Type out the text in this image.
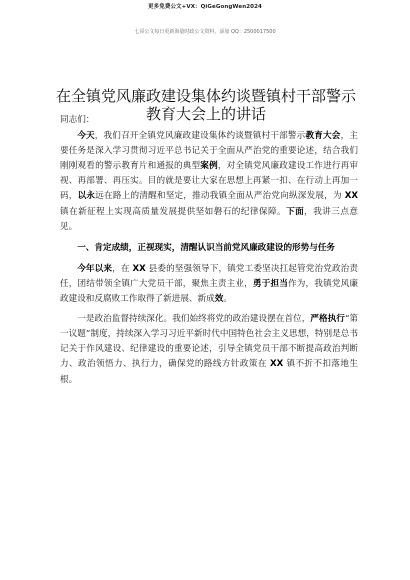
更多免费公文+VX：QiGeGongWen2024
七哥公文每日更新海量时政公文资料，添加 QQ：2500017500
在全镇党风廉政建设集体约谈暨镇村干部警示教育大会上的讲话

同志们：

今天，我们召开全镇党风廉政建设集体约谈暨镇村干部警示教育大会，主要任务是深入学习贯彻习近平总书记关于全面从严治党的重要论述，结合我们刚刚观看的警示教育片和通报的典型案例，对全镇党风廉政建设工作进行再审视、再部署、再压实。目的就是要让大家在思想上再紧一扣、在行动上再加一码，以永远在路上的清醒和坚定，推动我镇全面从严治党向纵深发展，为 XX 镇在新征程上实现高质量发展提供坚如磐石的纪律保障。下面，我讲三点意见。

一、肯定成绩，正视现实，清醒认识当前党风廉政建设的形势与任务

今年以来，在 XX 县委的坚强领导下，镇党工委坚决扛起管党治党政治责任，团结带领全镇广大党员干部，聚焦主责主业，勇于担当作为，我镇党风廉政建设和反腐败工作取得了新进展、新成效。

一是政治监督持续深化。我们始终将党的政治建设摆在首位，严格执行“第一议题”制度，持续深入学习习近平新时代中国特色社会主义思想，特别是总书记关于作风建设、纪律建设的重要论述，引导全镇党员干部不断提高政治判断力、政治领悟力、执行力，确保党的路线方针政策在 XX 镇不折不扣落地生根。
